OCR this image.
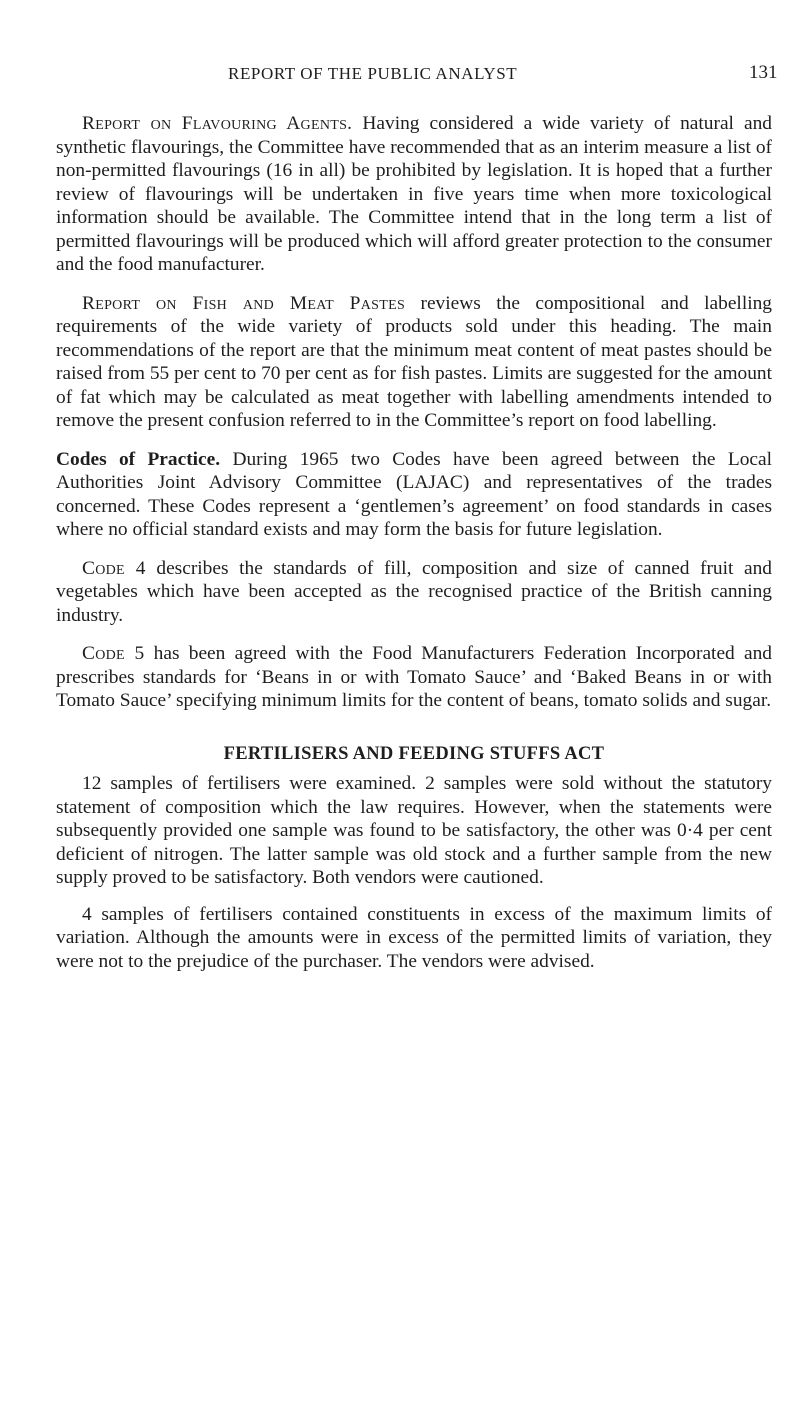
REPORT OF THE PUBLIC ANALYST	131

Report on Flavouring Agents. Having considered a wide variety of natural and synthetic flavourings, the Committee have recommended that as an interim measure a list of non-permitted flavourings (16 in all) be prohibited by legislation. It is hoped that a further review of flavourings will be undertaken in five years time when more toxicological information should be available. The Committee intend that in the long term a list of permitted flavourings will be produced which will afford greater protection to the consumer and the food manufacturer.

Report on Fish and Meat Pastes reviews the compositional and labelling requirements of the wide variety of products sold under this heading. The main recommendations of the report are that the minimum meat content of meat pastes should be raised from 55 per cent to 70 per cent as for fish pastes. Limits are suggested for the amount of fat which may be calculated as meat together with labelling amendments intended to remove the present confusion referred to in the Committee’s report on food labelling.

Codes of Practice. During 1965 two Codes have been agreed between the Local Authorities Joint Advisory Committee (LAJAC) and representatives of the trades concerned. These Codes represent a ‘gentlemen’s agreement’ on food standards in cases where no official standard exists and may form the basis for future legislation.

Code 4 describes the standards of fill, composition and size of canned fruit and vegetables which have been accepted as the recognised practice of the British canning industry.

Code 5 has been agreed with the Food Manufacturers Federation Incorporated and prescribes standards for ‘Beans in or with Tomato Sauce’ and ‘Baked Beans in or with Tomato Sauce’ specifying minimum limits for the content of beans, tomato solids and sugar.

FERTILISERS AND FEEDING STUFFS ACT

12 samples of fertilisers were examined. 2 samples were sold without the statutory statement of composition which the law requires. However, when the statements were subsequently provided one sample was found to be satisfactory, the other was 0·4 per cent deficient of nitrogen. The latter sample was old stock and a further sample from the new supply proved to be satisfactory. Both vendors were cautioned.

4 samples of fertilisers contained constituents in excess of the maximum limits of variation. Although the amounts were in excess of the permitted limits of variation, they were not to the prejudice of the purchaser. The vendors were advised.
